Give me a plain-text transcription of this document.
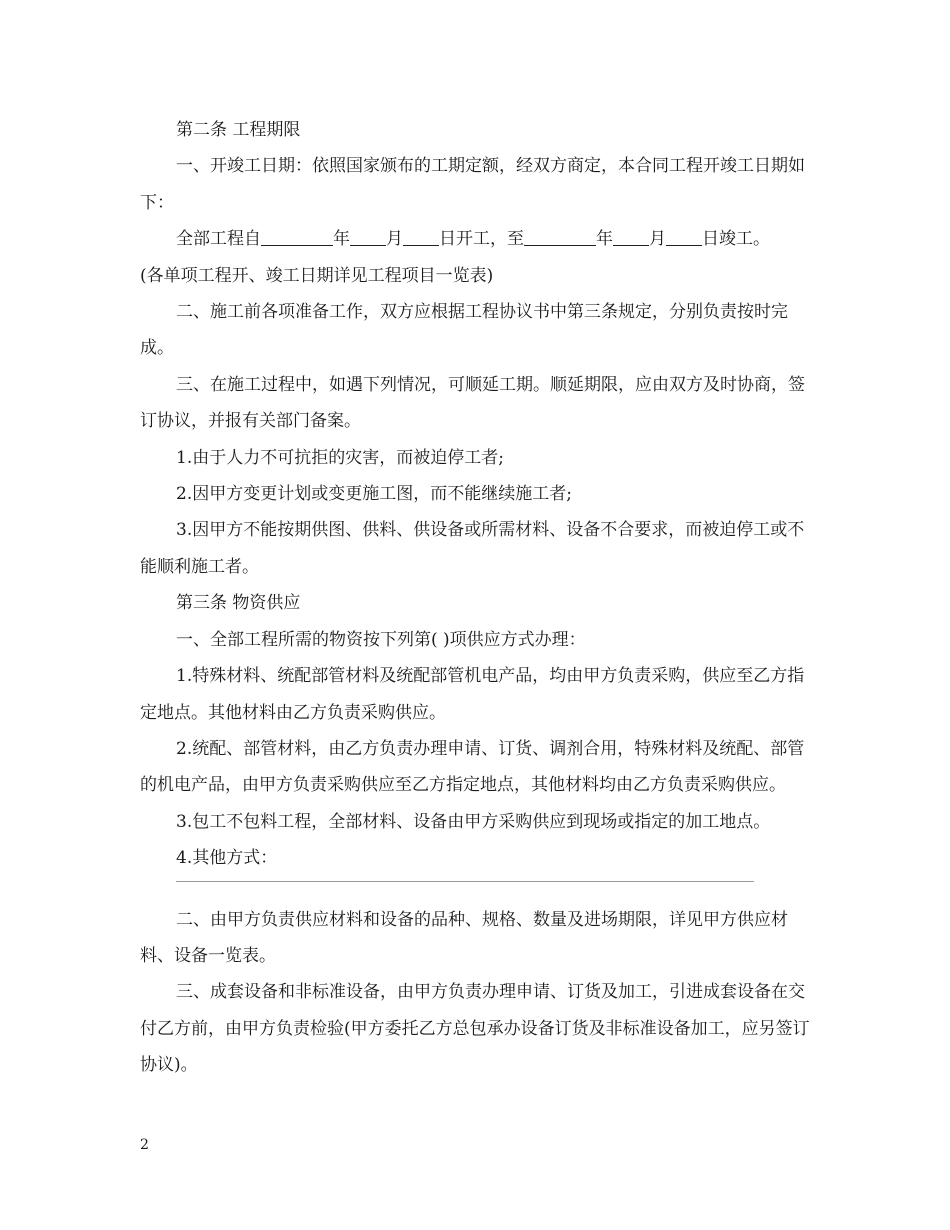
第二条 工程期限

一、开竣工日期：依照国家颁布的工期定额，经双方商定，本合同工程开竣工日期如下：

全部工程自	年 月 日开工，至	年 月 日竣工。

(各单项工程开、竣工日期详见工程项目一览表)

二、施工前各项准备工作，双方应根据工程协议书中第三条规定，分别负责按时完成。

三、在施工过程中，如遇下列情况，可顺延工期。顺延期限，应由双方及时协商，签订协议，并报有关部门备案。

1.由于人力不可抗拒的灾害，而被迫停工者;

2.因甲方变更计划或变更施工图，而不能继续施工者;

3.因甲方不能按期供图、供料、供设备或所需材料、设备不合要求，而被迫停工或不能顺利施工者。

第三条 物资供应

一、全部工程所需的物资按下列第( )项供应方式办理：

1.特殊材料、统配部管材料及统配部管机电产品，均由甲方负责采购，供应至乙方指定地点。其他材料由乙方负责采购供应。

2.统配、部管材料，由乙方负责办理申请、订货、调剂合用，特殊材料及统配、部管的机电产品，由甲方负责采购供应至乙方指定地点，其他材料均由乙方负责采购供应。

3.包工不包料工程，全部材料、设备由甲方采购供应到现场或指定的加工地点。

4.其他方式：

二、由甲方负责供应材料和设备的品种、规格、数量及进场期限，详见甲方供应材料、设备一览表。

三、成套设备和非标准设备，由甲方负责办理申请、订货及加工，引进成套设备在交付乙方前，由甲方负责检验(甲方委托乙方总包承办设备订货及非标准设备加工，应另签订协议)。

2
